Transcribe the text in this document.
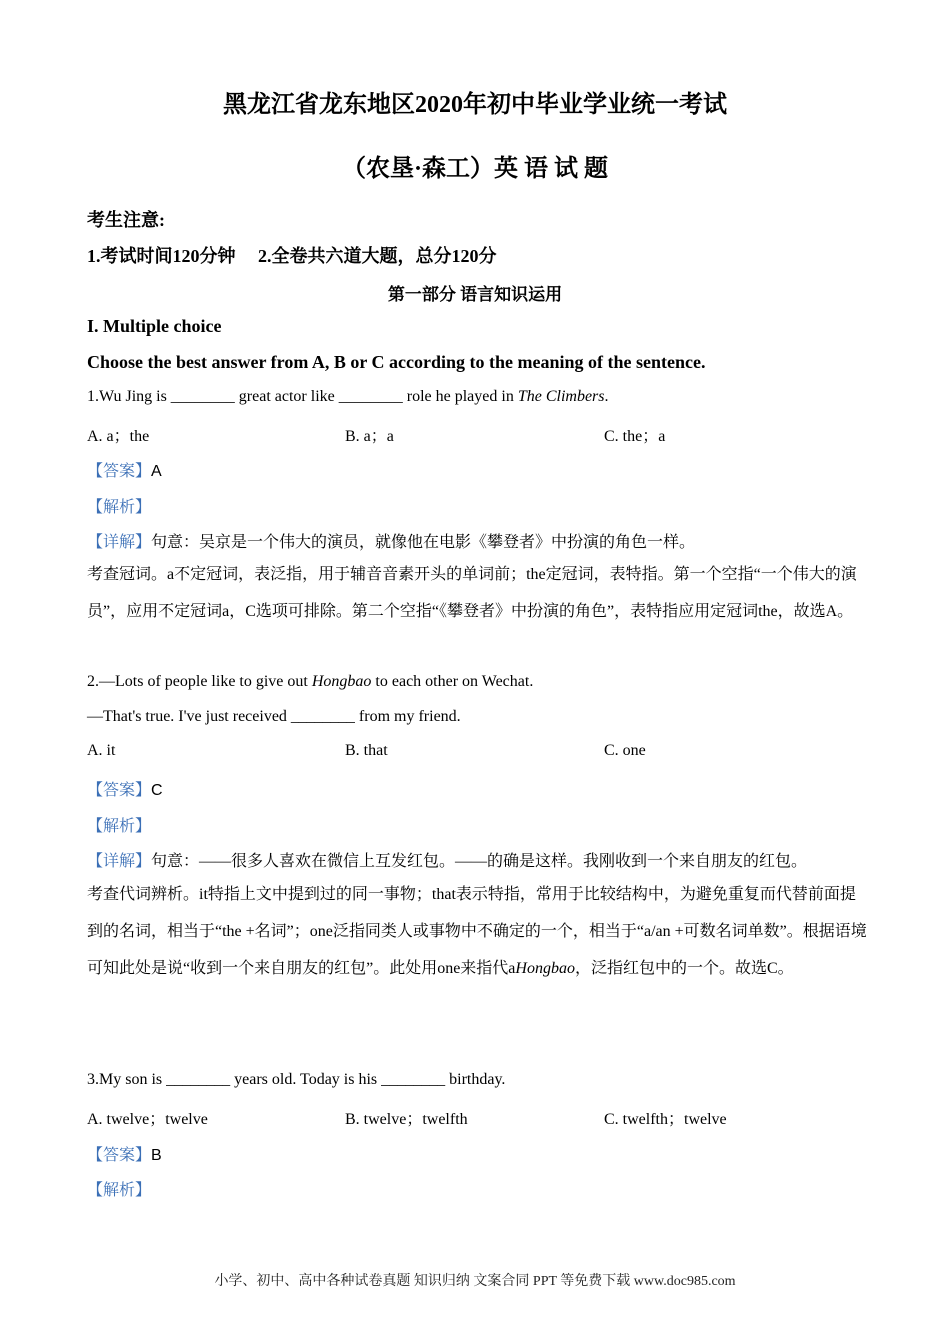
黑龙江省龙东地区2020年初中毕业学业统一考试
（农垦·森工）英 语 试 题
考生注意:
1.考试时间120分钟　 2.全卷共六道大题，总分120分
第一部分 语言知识运用
I. Multiple choice
Choose the best answer from A, B or C according to the meaning of the sentence.
1.Wu Jing is ________ great actor like ________ role he played in The Climbers.
A. a；the	B. a；a	C. the；a
【答案】A
【解析】
【详解】句意：吴京是一个伟大的演员，就像他在电影《攀登者》中扮演的角色一样。
考查冠词。a不定冠词，表泛指，用于辅音音素开头的单词前；the定冠词，表特指。第一个空指“一个伟大的演员”，应用不定冠词a，C选项可排除。第二个空指“《攀登者》中扮演的角色”，表特指应用定冠词the，故选A。
2.—Lots of people like to give out Hongbao to each other on Wechat.
—That's true. I've just received ________ from my friend.
A. it	B. that	C. one
【答案】C
【解析】
【详解】句意：——很多人喜欢在微信上互发红包。——的确是这样。我刚收到一个来自朋友的红包。
考查代词辨析。it特指上文中提到过的同一事物；that表示特指，常用于比较结构中，为避免重复而代替前面提到的名词，相当于“the +名词”；one泛指同类人或事物中不确定的一个，相当于“a/an +可数名词单数”。根据语境可知此处是说“收到一个来自朋友的红包”。此处用one来指代aHongbao，泛指红包中的一个。故选C。
3.My son is ________ years old. Today is his ________ birthday.
A. twelve；twelve	B. twelve；twelfth	C. twelfth；twelve
【答案】B
【解析】
小学、初中、高中各种试卷真题 知识归纳 文案合同 PPT 等免费下载 www.doc985.com
